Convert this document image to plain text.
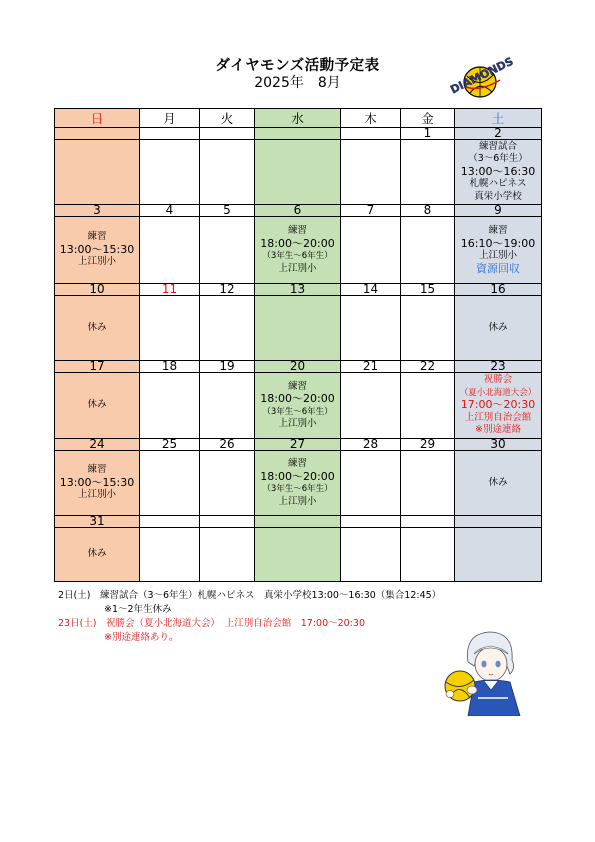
ダイヤモンズ活動予定表
2025年　8月	DIAMONDS
日	月	火	水	木	金	土
					1	2

						練習試合
（3～6年生）
13:00～16:30
札幌ハピネス
真栄小学校

3	4	5	6	7	8	9

練習
13:00～15:30
上江別小			練習
18:00～20:00
（3年生～6年生）
上江別小			練習
16:10～19:00
上江別小
資源回収

10	11	12	13	14	15	16

休み						休み

17	18	19	20	21	22	23

休み			練習
18:00～20:00
（3年生～6年生）
上江別小			祝勝会
（夏小北海道大会）
17:00～20:30
上江別自治会館
※別途連絡

24	25	26	27	28	29	30

練習
13:00～15:30
上江別小			練習
18:00～20:00
（3年生～6年生）
上江別小			休み

31						

休み						

2日(土)　練習試合（3～6年生）札幌ハピネス　真栄小学校13:00～16:30（集合12:45）
※1～2年生休み
23日(土)　祝勝会（夏小北海道大会）　上江別自治会館　17:00～20:30
※別途連絡あり。
